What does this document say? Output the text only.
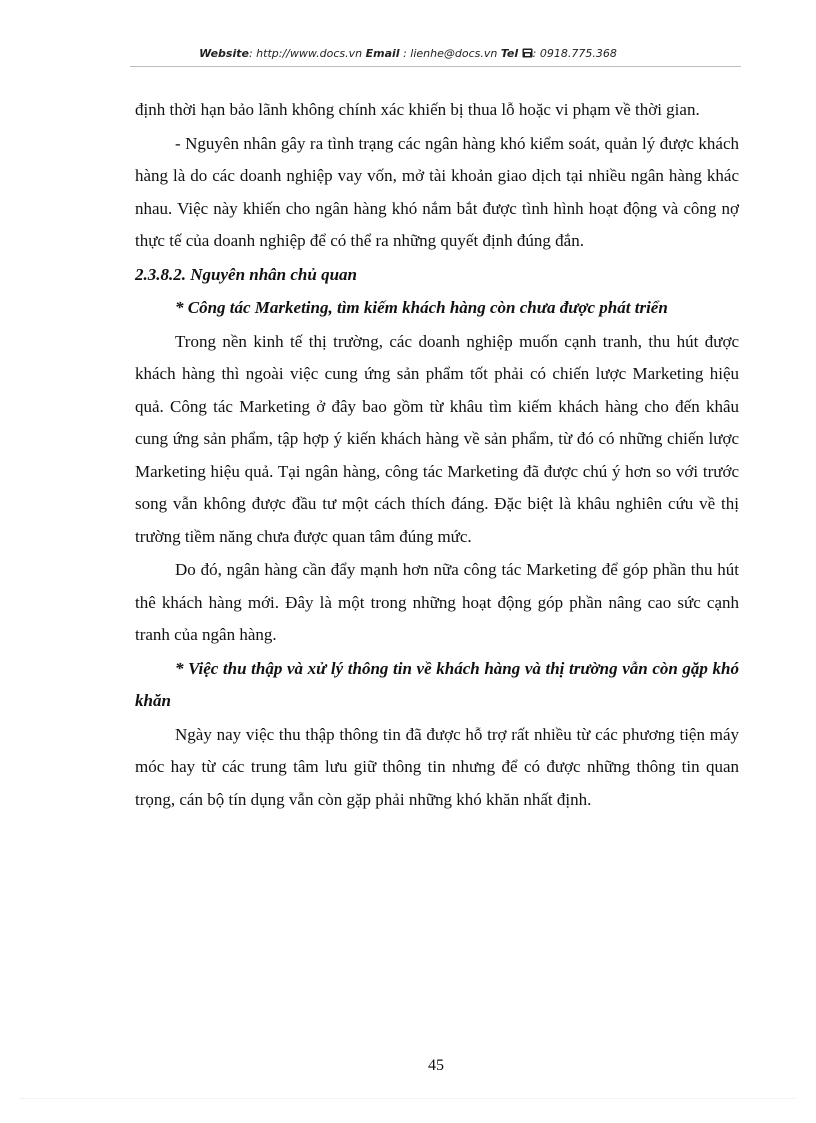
Website: http://www.docs.vn Email : lienhe@docs.vn Tel : 0918.775.368

định thời hạn bảo lãnh không chính xác khiến bị thua lỗ hoặc vi phạm về thời gian.

- Nguyên nhân gây ra tình trạng các ngân hàng khó kiểm soát, quản lý được khách hàng là do các doanh nghiệp vay vốn, mở tài khoản giao dịch tại nhiều ngân hàng khác nhau. Việc này khiến cho ngân hàng khó nắm bắt được tình hình hoạt động và công nợ thực tế của doanh nghiệp để có thể ra những quyết định đúng đắn.

2.3.8.2. Nguyên nhân chủ quan

* Công tác Marketing, tìm kiếm khách hàng còn chưa được phát triển

Trong nền kinh tế thị trường, các doanh nghiệp muốn cạnh tranh, thu hút được khách hàng thì ngoài việc cung ứng sản phẩm tốt phải có chiến lược Marketing hiệu quả. Công tác Marketing ở đây bao gồm từ khâu tìm kiếm khách hàng cho đến khâu cung ứng sản phẩm, tập hợp ý kiến khách hàng về sản phẩm, từ đó có những chiến lược Marketing hiệu quả. Tại ngân hàng, công tác Marketing đã được chú ý hơn so với trước song vẫn không được đầu tư một cách thích đáng. Đặc biệt là khâu nghiên cứu về thị trường tiềm năng chưa được quan tâm đúng mức.

Do đó, ngân hàng cần đẩy mạnh hơn nữa công tác Marketing để góp phần thu hút thê khách hàng mới. Đây là một trong những hoạt động góp phần nâng cao sức cạnh tranh của ngân hàng.

* Việc thu thập và xử lý thông tin về khách hàng và thị trường vẫn còn gặp khó khăn

Ngày nay việc thu thập thông tin đã được hỗ trợ rất nhiều từ các phương tiện máy móc hay từ các trung tâm lưu giữ thông tin nhưng để có được những thông tin quan trọng, cán bộ tín dụng vẫn còn gặp phải những khó khăn nhất định.

45
